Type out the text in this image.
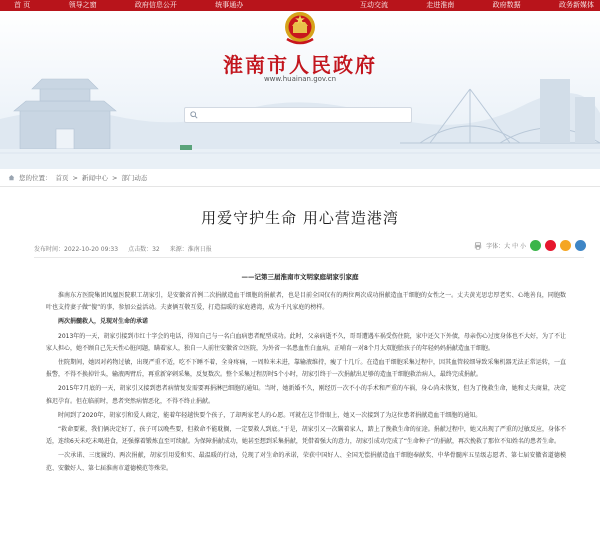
首 页	领导之窗	政府信息公开	统事通办	互动交流	走进淮南	政府数据	政务新媒体
淮南市人民政府
www.huainan.gov.cn
您的位置： 首页 > 新闻中心 > 部门动态
用爱守护生命 用心营造港湾
发布时间：2022-10-20 09:33 点击数：32 来源：淮南日报	字体：大 中 小
——记第三届淮南市文明家庭胡家引家庭

淮南东方医院集团凤凰医院职工胡家引，是安徽省首例二次捐献造血干细胞的捐献者，也是目前全国仅有的两位两次成功捐献造血干细胞的女性之一。丈夫黄光思忠厚老实、心地善良，同胞数叶也支持妻子做“傻”的事，参加公益活动。夫妻俩互敬互爱，打造温暖的家庭港湾，成为千凡家庭的榜样。

两次捐髓救人，兑现对生命的承诺

2013年的一天，胡家引接到市红十字会的电话，得知自己与一名白血病患者配型成功。此时，父亲病逝不久，哥哥遭遇车祸受伤住院，家中还欠下外债，母亲伤心过度身体也不大好，为了不让家人担心，她不顾自己先天性心脏问题，瞒着家人，独自一人前往安徽省立医院，为外省一名患血性白血病，正哺育一对8个月大双胞胎孩子的年轻妈妈捐献造血干细胞。

住院期间，她因对药物过敏，出现严重不适，吃不下睡不着，全身疼痛，一周粒米未进，靠输液维持，瘦了十几斤。在造血干细胞采集过程中，因其血管较细导致采集机器无法正常运转，一直报警，不得不换掉针头，输液两臂后，再重新穿刺采集，反复数次。整个采集过程历时5个小时，胡家引终于一次捐献出足够的造血干细胞救治病人，最终完成捐献。

2015年7月底的一天，胡家引又接到患者病情复发需要再捐淋巴细胞的通知。当时，她新婚不久，刚经历一次不小的手术和严重的车祸，身心尚未恢复，但为了挽救生命，她和丈夫商量，决定推迟孕育。但在临前时，患者突然病情恶化，不得不终止捐献。

时间到了2020年，胡家引和爱人商定，能着年轻越快要个孩子，了却两家老人的心愿。可就在这节骨眼上，她又一次接到了为这位患者捐献造血干细胞的通知。

“救命要紧，我们俩决定好了，孩子可以晚些要，但救命不能耽搁，一定要救人到底。”于是，胡家引又一次瞒着家人，踏上了挽救生命的征途。捐献过程中，她又出现了严重的过敏反应，身体不适，连续6天未吃未喝进食，还强撑着锻炼直至可续献。为保障捐献成功，她甚至想到采集捐献，凭借着强大的意力，胡家引成功完成了“生命种子”的捐献，再次挽救了那位不知姓名的患者生命。

一次承诺、三度履约、两次捐献，胡家引用爱和实、最温暖的行动，兑现了对生命的承诺，荣获中国好人、全国无偿捐献造血干细胞奉献奖、中华骨髓库五星级志愿者、第七届安徽省道德模范、安徽好人、第七届淮南市道德模范等殊荣。
